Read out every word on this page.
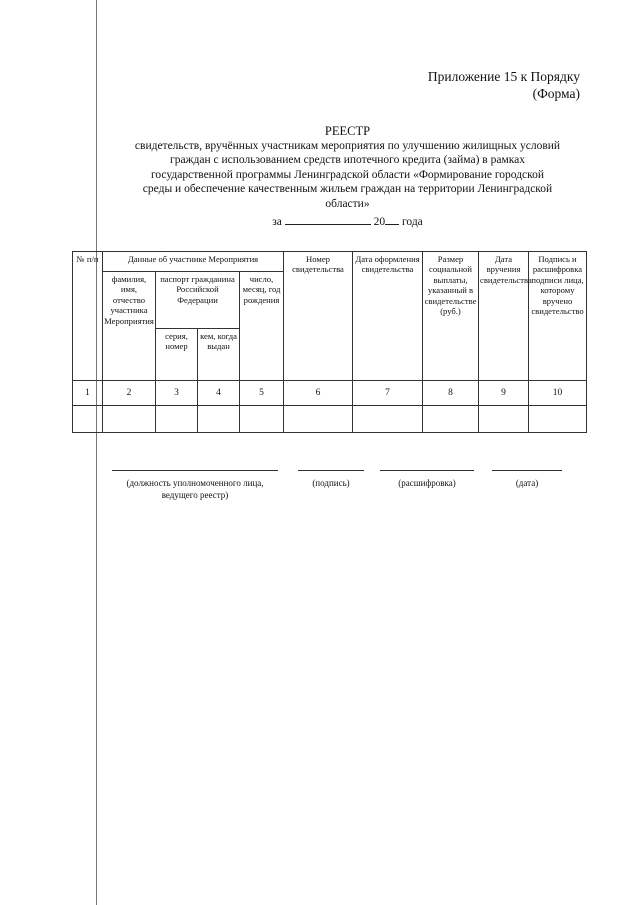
Приложение 15 к Порядку
(Форма)
РЕЕСТР
свидетельств, вручённых участникам мероприятия по улучшению жилищных условий
граждан с использованием средств ипотечного кредита (займа) в рамках
государственной программы Ленинградской области «Формирование городской
среды и обеспечение качественным жильем граждан на территории Ленинградской
области»
за	20 года
№ п/п	Данные об участнике Мероприятия				Номер свидетельства	Дата оформления свидетельства	Размер социальной выплаты, указанный в свидетельстве (руб.)	Дата вручения свидетельства	Подпись и расшифровка подписи лица, которому вручено свидетельство
	фамилия, имя, отчество участника Мероприятия	паспорт гражданина Российской Федерации		число, месяц, год рождения					
		серия, номер	кем, когда выдан						
1	2	3	4	5	6	7	8	9	10

(должность уполномоченного лица, ведущего реестр)
(подпись)	(расшифровка)	(дата)
